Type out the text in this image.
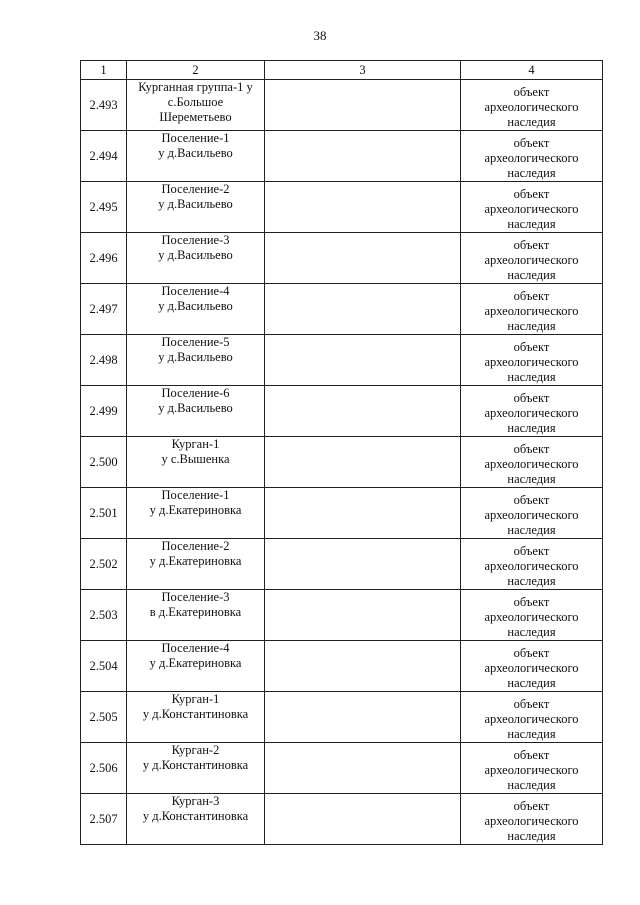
38
1	2	3	4
2.493	Курганная группа-1 у
с.Большое
Шереметьево		объект
археологического
наследия

2.494	Поселение-1
у д.Васильево		объект
археологического
наследия

2.495	Поселение-2
у д.Васильево		объект
археологического
наследия

2.496	Поселение-3
у д.Васильево		объект
археологического
наследия

2.497	Поселение-4
у д.Васильево		объект
археологического
наследия

2.498	Поселение-5
у д.Васильево		объект
археологического
наследия

2.499	Поселение-6
у д.Васильево		объект
археологического
наследия

2.500	Курган-1
у с.Вышенка		объект
археологического
наследия

2.501	Поселение-1
у д.Екатериновка		объект
археологического
наследия

2.502	Поселение-2
у д.Екатериновка		объект
археологического
наследия

2.503	Поселение-3
в д.Екатериновка		объект
археологического
наследия

2.504	Поселение-4
у д.Екатериновка		объект
археологического
наследия

2.505	Курган-1
у д.Константиновка		объект
археологического
наследия

2.506	Курган-2
у д.Константиновка		объект
археологического
наследия

2.507	Курган-3
у д.Константиновка		объект
археологического
наследия
